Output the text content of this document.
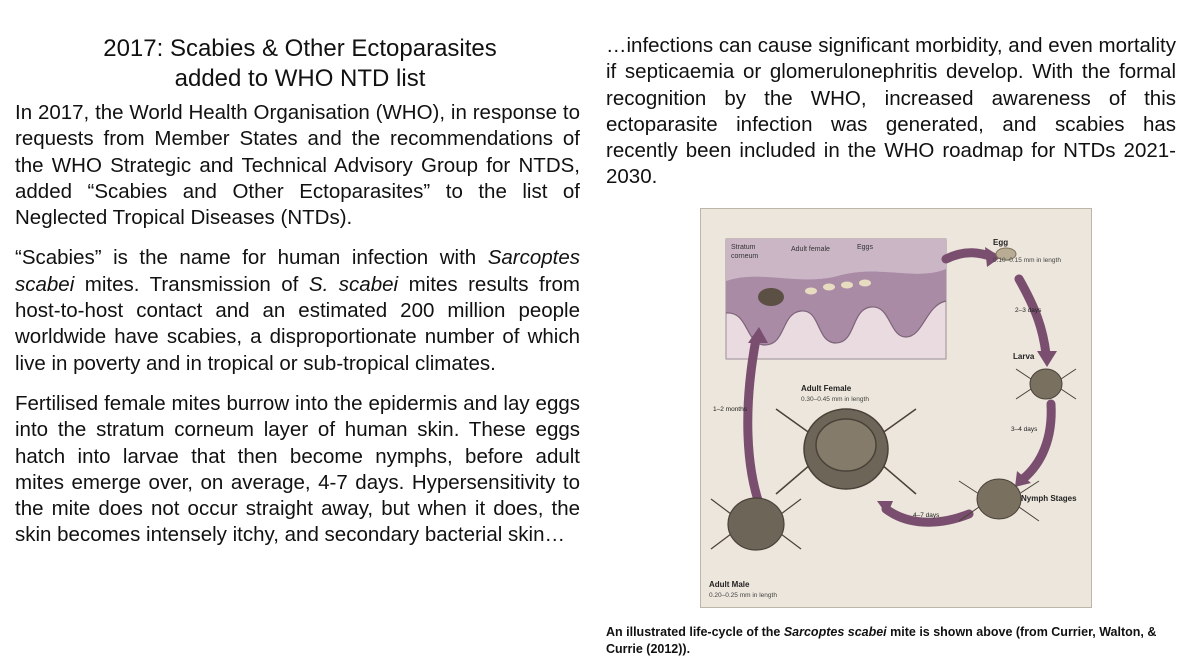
2017: Scabies & Other Ectoparasites
added to WHO NTD list

In 2017, the World Health Organisation (WHO), in response to requests from Member States and the recommendations of the WHO Strategic and Technical Advisory Group for NTDS, added “Scabies and Other Ectoparasites” to the list of Neglected Tropical Diseases (NTDs).

“Scabies” is the name for human infection with Sarcoptes scabei mites. Transmission of S. scabei mites results from host-to-host contact and an estimated 200 million people worldwide have scabies, a disproportionate number of which live in poverty and in tropical or sub-tropical climates.

Fertilised female mites burrow into the epidermis and lay eggs into the stratum corneum layer of human skin. These eggs hatch into larvae that then become nymphs, before adult mites emerge over, on average, 4-7 days. Hypersensitivity to the mite does not occur straight away, but when it does, the skin becomes intensely itchy, and secondary bacterial skin…

…infections can cause significant morbidity, and even mortality if septicaemia or glomerulonephritis develop. With the formal recognition by the WHO, increased awareness of this ectoparasite infection was generated, and scabies has recently been included in the WHO roadmap for NTDs 2021-2030.

Stratum
corneum
Adult female	Eggs
Egg
0.10–0.15 mm in length
2–3 days
Larva
Adult Female
0.30–0.45 mm in length
1–2 months
3–4 days
Nymph Stages
4–7 days
Adult Male
0.20–0.25 mm in length
An illustrated life-cycle of the Sarcoptes scabei mite is shown above (from Currier, Walton, & Currie (2012)).
